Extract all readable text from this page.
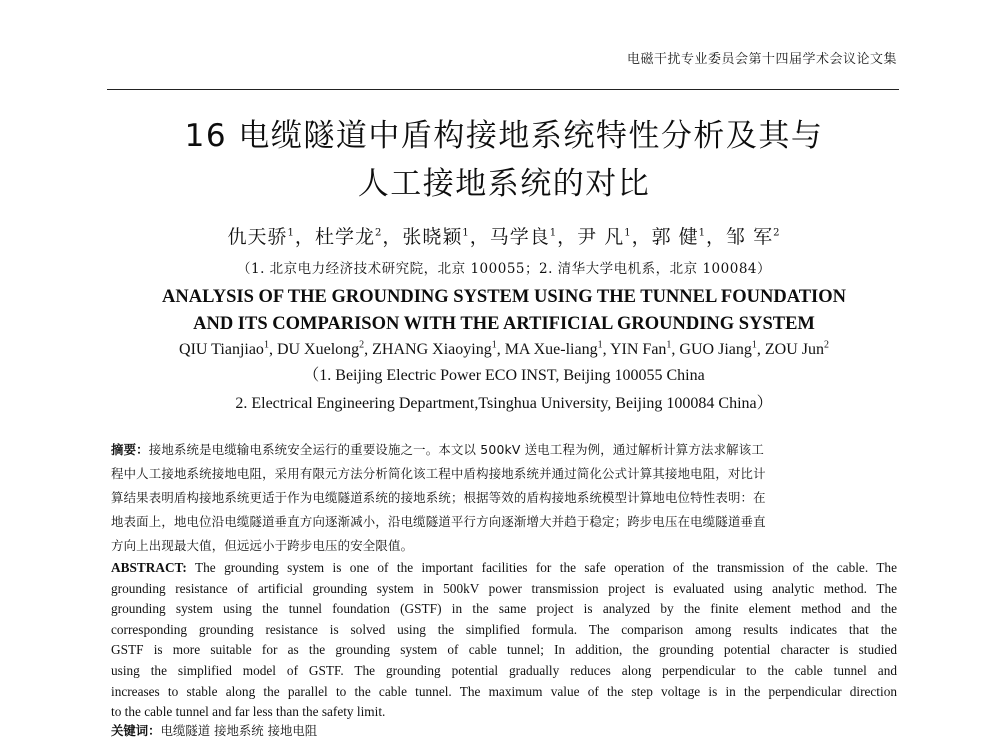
电磁干扰专业委员会第十四届学术会议论文集
16 电缆隧道中盾构接地系统特性分析及其与
人工接地系统的对比
仇天骄$^1$，杜学龙$^2$，张晓颖$^1$，马学良$^1$，尹 凡$^1$，郭 健$^1$，邹 军$^2$
（1. 北京电力经济技术研究院，北京 100055；2. 清华大学电机系，北京 100084）
ANALYSIS OF THE GROUNDING SYSTEM USING THE TUNNEL FOUNDATION
AND ITS COMPARISON WITH THE ARTIFICIAL GROUNDING SYSTEM
QIU Tianjiao$^1$, DU Xuelong$^2$, ZHANG Xiaoying$^1$, MA Xue-liang$^1$, YIN Fan$^1$, GUO Jiang$^1$, ZOU Jun$^2$
（1. Beijing Electric Power ECO INST, Beijing 100055 China
2. Electrical Engineering Department,Tsinghua University, Beijing 100084 China）
摘要：接地系统是电缆输电系统安全运行的重要设施之一。本文以 500kV 送电工程为例，通过解析计算方法求解该工
程中人工接地系统接地电阻，采用有限元方法分析简化该工程中盾构接地系统并通过简化公式计算其接地电阻，对比计
算结果表明盾构接地系统更适于作为电缆隧道系统的接地系统；根据等效的盾构接地系统模型计算地电位特性表明：在
地表面上，地电位沿电缆隧道垂直方向逐渐减小，沿电缆隧道平行方向逐渐增大并趋于稳定；跨步电压在电缆隧道垂直
方向上出现最大值，但远远小于跨步电压的安全限值。
ABSTRACT: The grounding system is one of the important facilities for the safe operation of the transmission of the cable. The
grounding resistance of artificial grounding system in 500kV power transmission project is evaluated using analytic method. The
grounding system using the tunnel foundation (GSTF) in the same project is analyzed by the finite element method and the
corresponding grounding resistance is solved using the simplified formula. The comparison among results indicates that the
GSTF is more suitable for as the grounding system of cable tunnel; In addition, the grounding potential character is studied
using the simplified model of GSTF. The grounding potential gradually reduces along perpendicular to the cable tunnel and
increases to stable along the parallel to the cable tunnel. The maximum value of the step voltage is in the perpendicular direction
to the cable tunnel and far less than the safety limit.
关键词：电缆隧道 接地系统 接地电阻
